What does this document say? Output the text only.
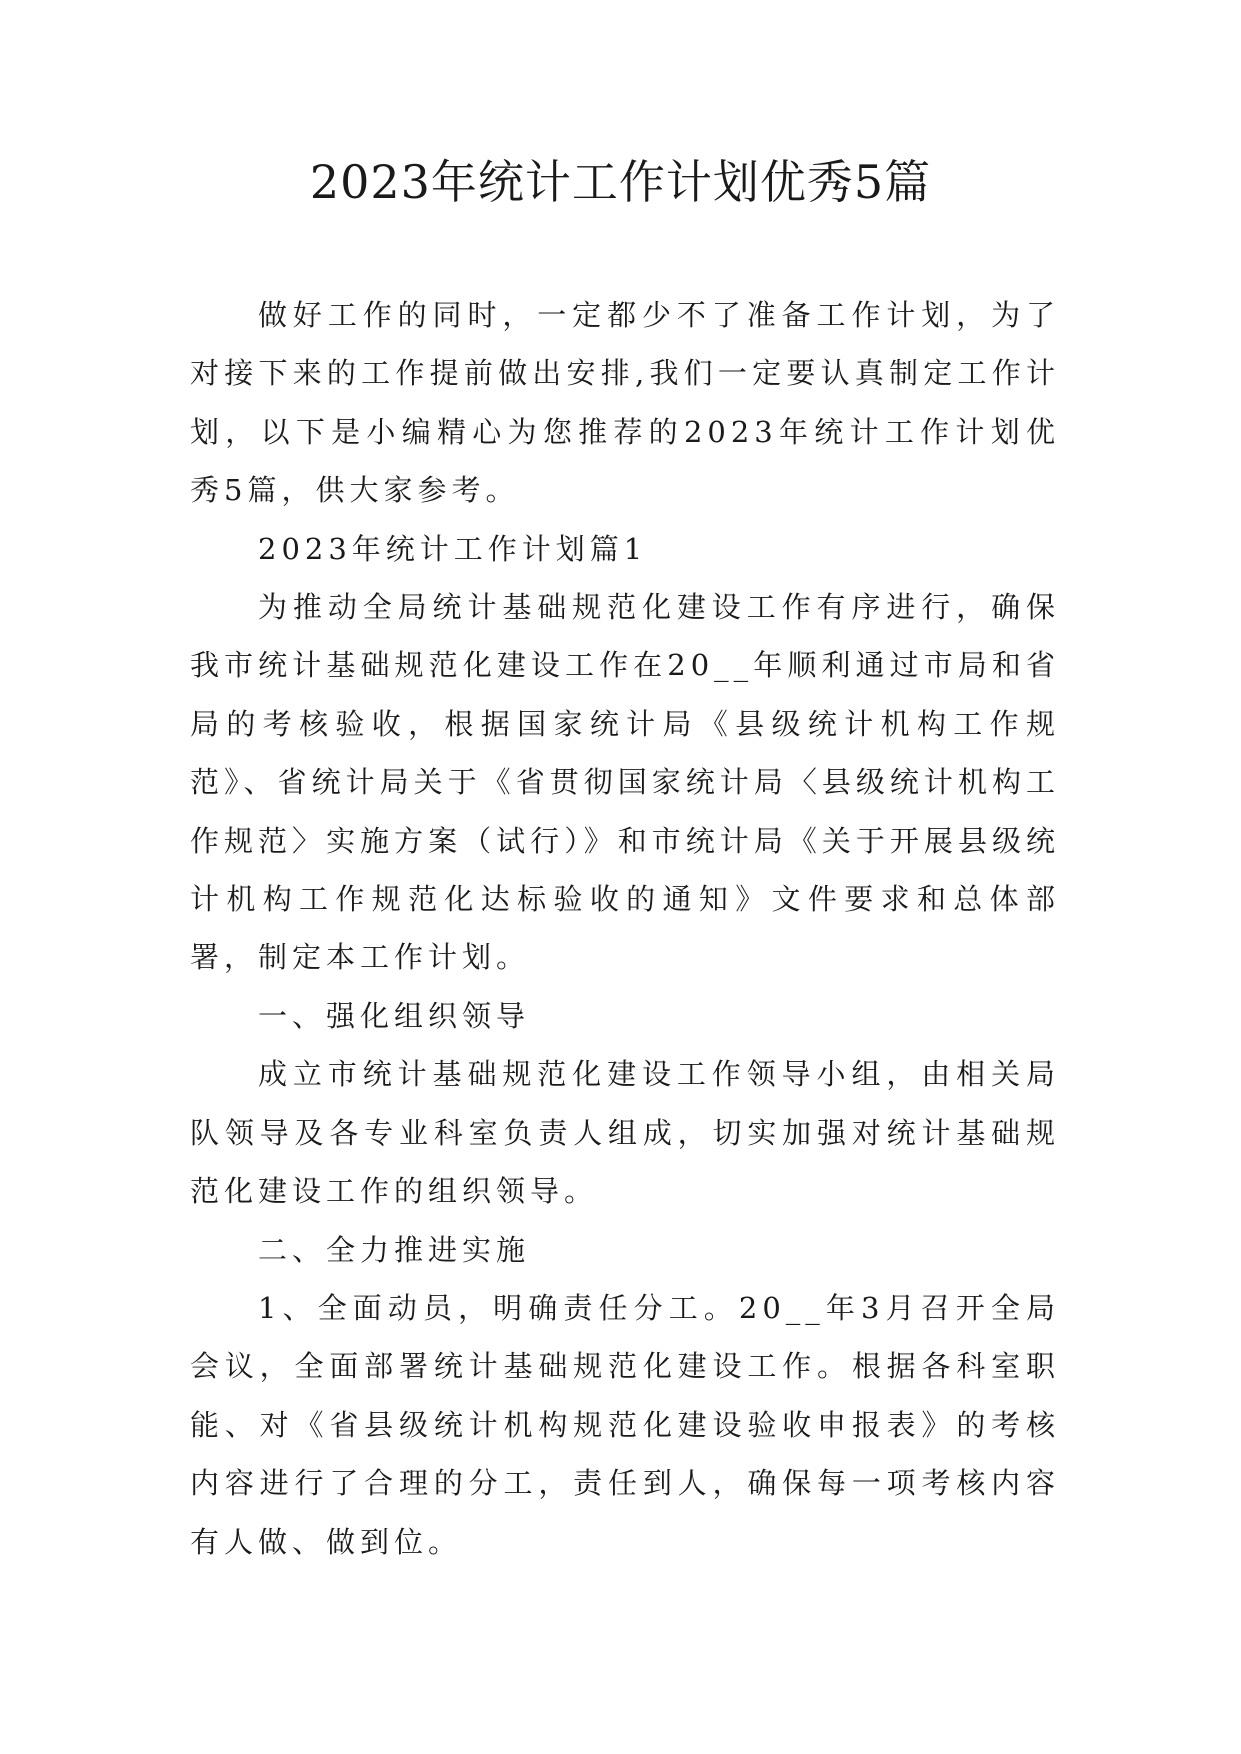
2023年统计工作计划优秀5篇

做好工作的同时，一定都少不了准备工作计划，为了对接下来的工作提前做出安排,我们一定要认真制定工作计划，以下是小编精心为您推荐的2023年统计工作计划优秀5篇，供大家参考。

2023年统计工作计划篇1

为推动全局统计基础规范化建设工作有序进行，确保我市统计基础规范化建设工作在20__年顺利通过市局和省局的考核验收，根据国家统计局《县级统计机构工作规范》、省统计局关于《省贯彻国家统计局〈县级统计机构工作规范〉实施方案（试行）》和市统计局《关于开展县级统计机构工作规范化达标验收的通知》文件要求和总体部署，制定本工作计划。

一、强化组织领导

成立市统计基础规范化建设工作领导小组，由相关局队领导及各专业科室负责人组成，切实加强对统计基础规范化建设工作的组织领导。

二、全力推进实施

1、全面动员，明确责任分工。20__年3月召开全局会议，全面部署统计基础规范化建设工作。根据各科室职能、对《省县级统计机构规范化建设验收申报表》的考核内容进行了合理的分工，责任到人，确保每一项考核内容有人做、做到位。
